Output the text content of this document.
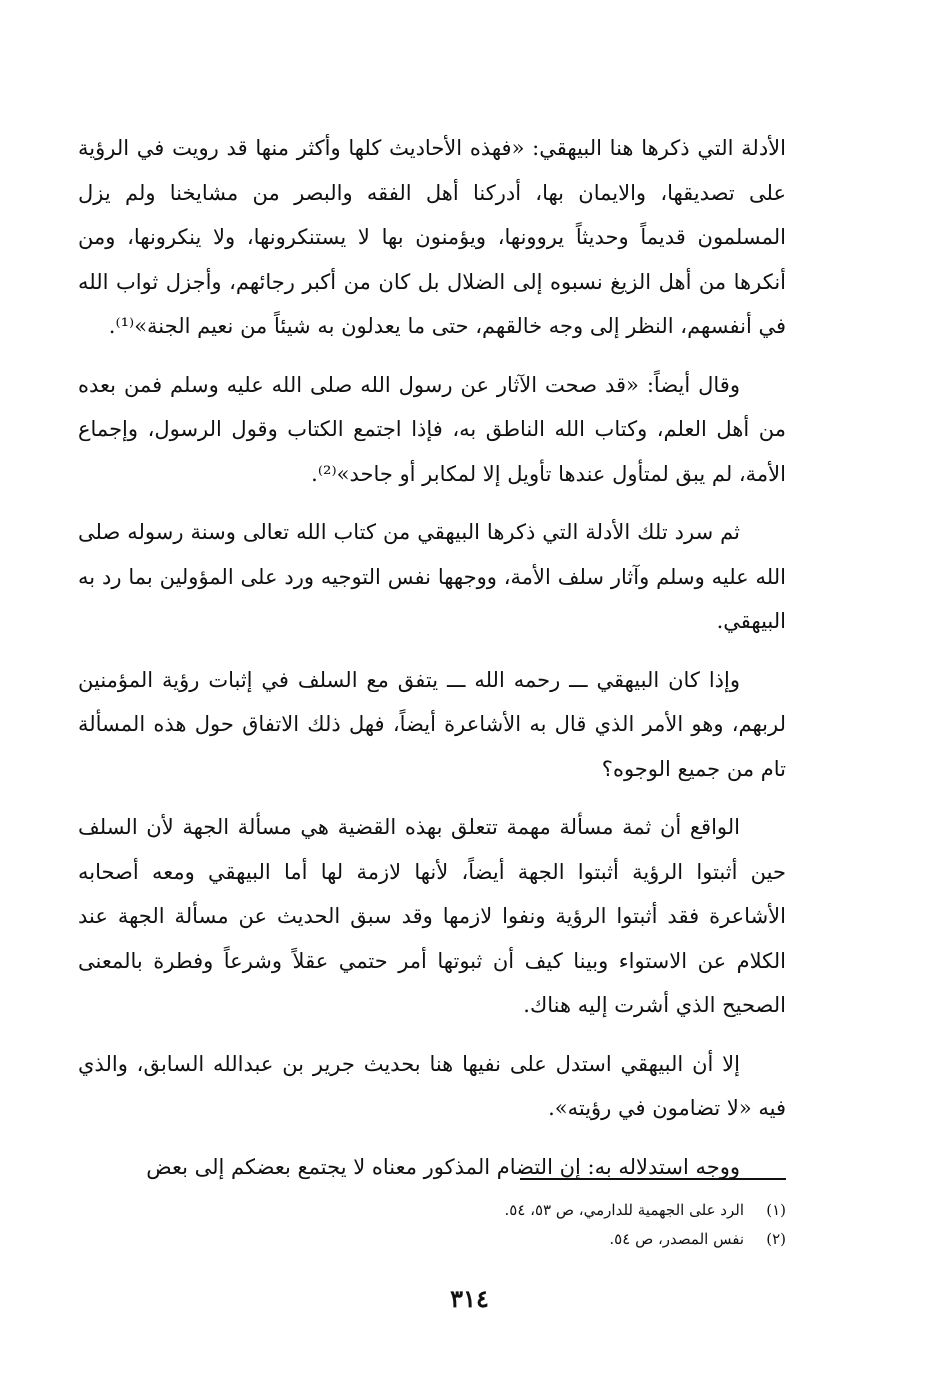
الأدلة التي ذكرها هنا البيهقي: «فهذه الأحاديث كلها وأكثر منها قد رويت في الرؤية على تصديقها، والايمان بها، أدركنا أهل الفقه والبصر من مشايخنا ولم يزل المسلمون قديماً وحديثاً يروونها، ويؤمنون بها لا يستنكرونها، ولا ينكرونها، ومن أنكرها من أهل الزيغ نسبوه إلى الضلال بل كان من أكبر رجائهم، وأجزل ثواب الله في أنفسهم، النظر إلى وجه خالقهم، حتى ما يعدلون به شيئاً من نعيم الجنة»⁽¹⁾.

وقال أيضاً: «قد صحت الآثار عن رسول الله صلى الله عليه وسلم فمن بعده من أهل العلم، وكتاب الله الناطق به، فإذا اجتمع الكتاب وقول الرسول، وإجماع الأمة، لم يبق لمتأول عندها تأويل إلا لمكابر أو جاحد»⁽²⁾.

ثم سرد تلك الأدلة التي ذكرها البيهقي من كتاب الله تعالى وسنة رسوله صلى الله عليه وسلم وآثار سلف الأمة، ووجهها نفس التوجيه ورد على المؤولين بما رد به البيهقي.

وإذا كان البيهقي ـــ رحمه الله ـــ يتفق مع السلف في إثبات رؤية المؤمنين لربهم، وهو الأمر الذي قال به الأشاعرة أيضاً، فهل ذلك الاتفاق حول هذه المسألة تام من جميع الوجوه؟

الواقع أن ثمة مسألة مهمة تتعلق بهذه القضية هي مسألة الجهة لأن السلف حين أثبتوا الرؤية أثبتوا الجهة أيضاً، لأنها لازمة لها أما البيهقي ومعه أصحابه الأشاعرة فقد أثبتوا الرؤية ونفوا لازمها وقد سبق الحديث عن مسألة الجهة عند الكلام عن الاستواء وبينا كيف أن ثبوتها أمر حتمي عقلاً وشرعاً وفطرة بالمعنى الصحيح الذي أشرت إليه هناك.

إلا أن البيهقي استدل على نفيها هنا بحديث جرير بن عبدالله السابق، والذي فيه «لا تضامون في رؤيته».

ووجه استدلاله به: إن التضام المذكور معناه لا يجتمع بعضكم إلى بعض

(١)
الرد على الجهمية للدارمي، ص ٥٣، ٥٤.
(٢)
نفس المصدر، ص ٥٤.
٣١٤
